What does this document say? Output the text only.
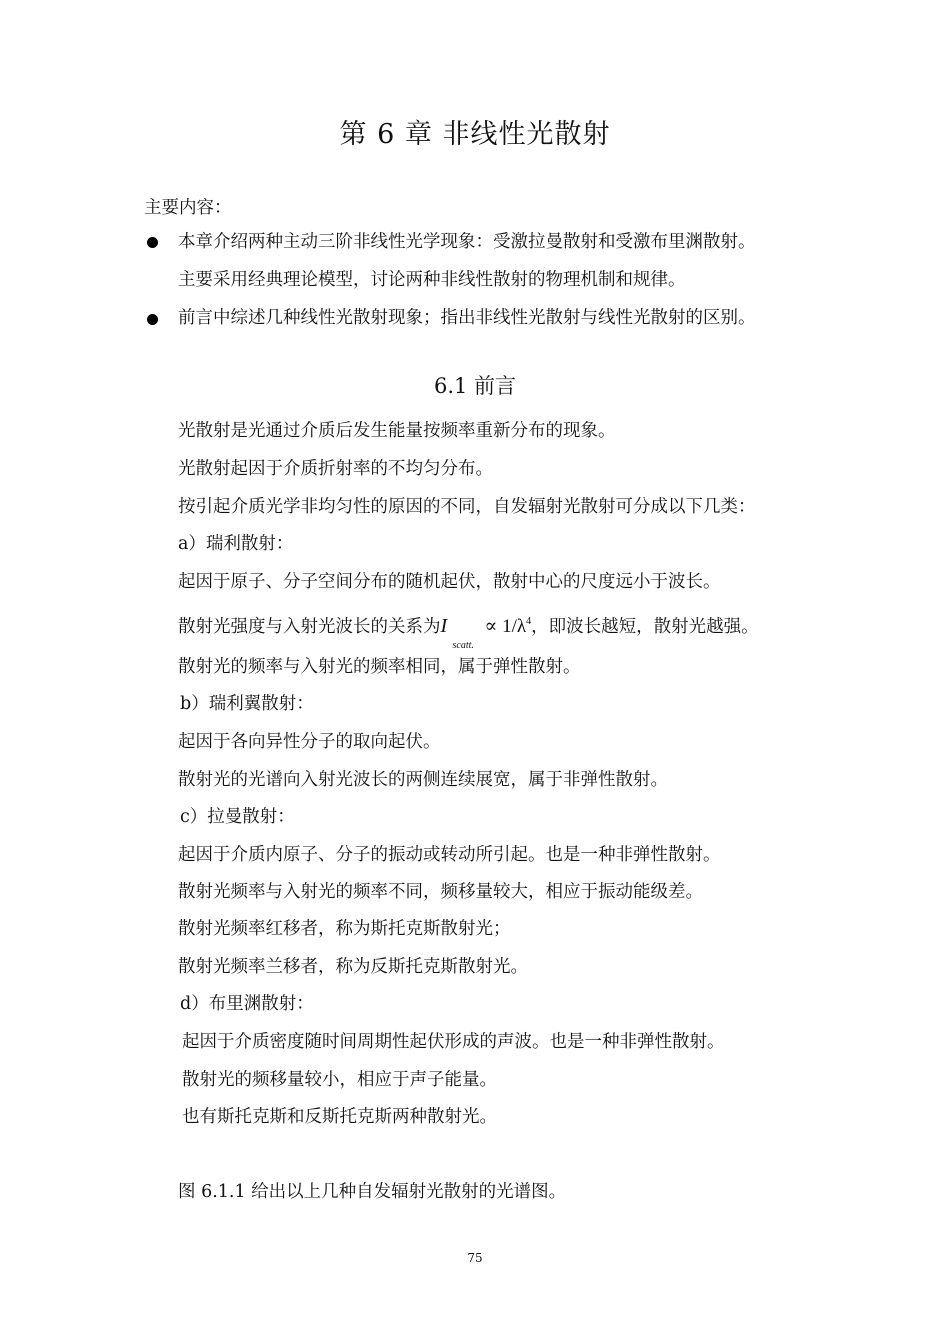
第 6 章 非线性光散射
主要内容：
本章介绍两种主动三阶非线性光学现象：受激拉曼散射和受激布里渊散射。
主要采用经典理论模型，讨论两种非线性散射的物理机制和规律。
前言中综述几种线性光散射现象；指出非线性光散射与线性光散射的区别。
6.1 前言
光散射是光通过介质后发生能量按频率重新分布的现象。
光散射起因于介质折射率的不均匀分布。
按引起介质光学非均匀性的原因的不同，自发辐射光散射可分成以下几类：
a）瑞利散射：
起因于原子、分子空间分布的随机起伏，散射中心的尺度远小于波长。
散射光强度与入射光波长的关系为I
scatt.
∝ $1/\lambda^4$，即波长越短，散射光越强。
散射光的频率与入射光的频率相同，属于弹性散射。
b）瑞利翼散射：
起因于各向异性分子的取向起伏。
散射光的光谱向入射光波长的两侧连续展宽，属于非弹性散射。
c）拉曼散射：
起因于介质内原子、分子的振动或转动所引起。也是一种非弹性散射。
散射光频率与入射光的频率不同，频移量较大，相应于振动能级差。
散射光频率红移者，称为斯托克斯散射光；
散射光频率兰移者，称为反斯托克斯散射光。
d）布里渊散射：
起因于介质密度随时间周期性起伏形成的声波。也是一种非弹性散射。
散射光的频移量较小，相应于声子能量。
也有斯托克斯和反斯托克斯两种散射光。
图 6.1.1 给出以上几种自发辐射光散射的光谱图。
75
